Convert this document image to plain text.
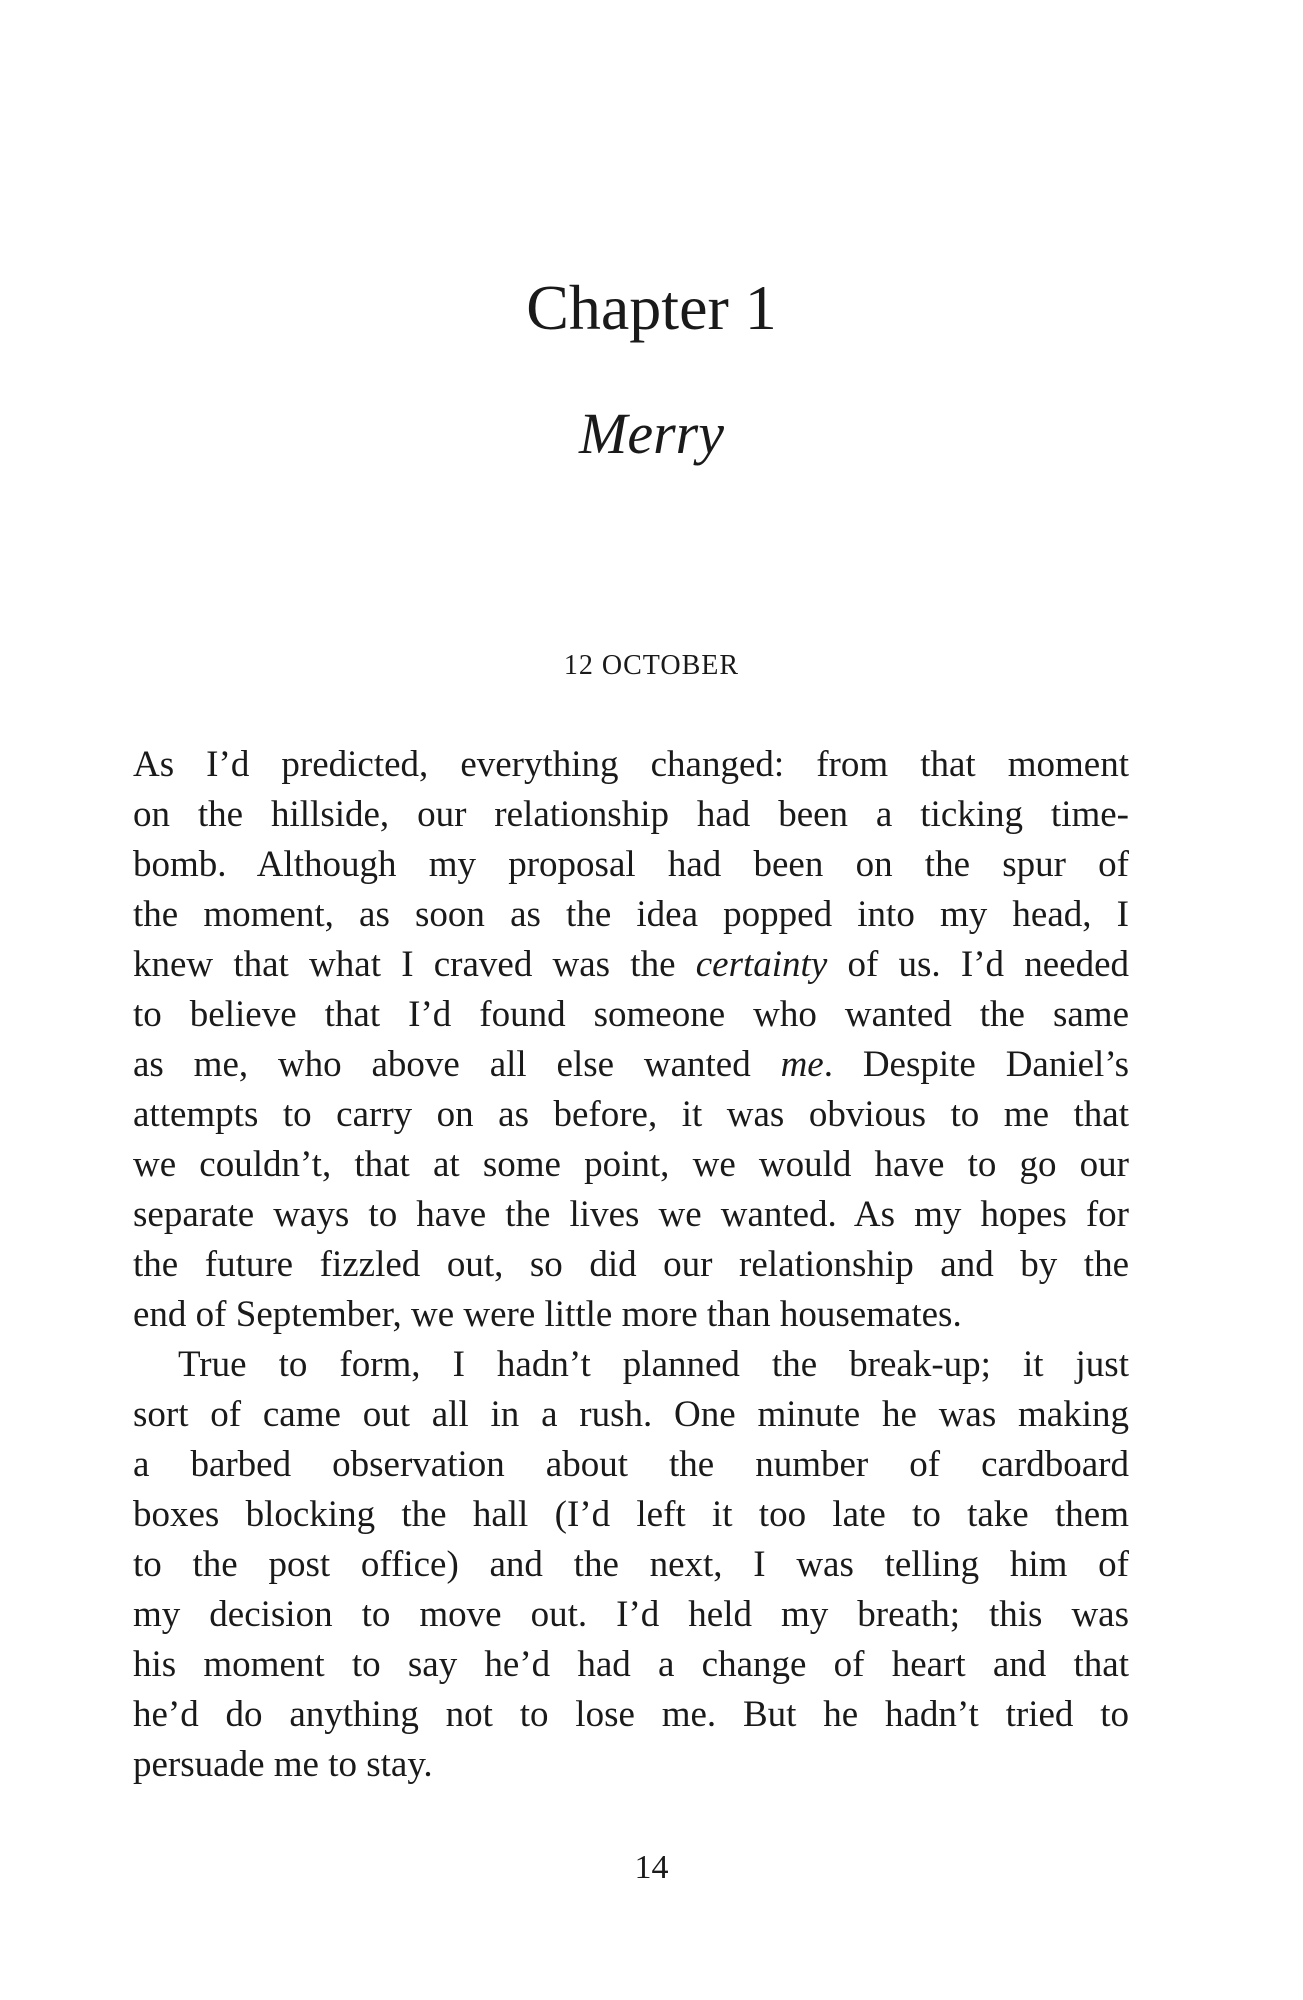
Chapter 1
Merry
12 OCTOBER
As I’d predicted, everything changed: from that moment
on the hillside, our relationship had been a ticking time-
bomb. Although my proposal had been on the spur of
the moment, as soon as the idea popped into my head, I
knew that what I craved was the certainty of us. I’d needed
to believe that I’d found someone who wanted the same
as me, who above all else wanted me. Despite Daniel’s
attempts to carry on as before, it was obvious to me that
we couldn’t, that at some point, we would have to go our
separate ways to have the lives we wanted. As my hopes for
the future fizzled out, so did our relationship and by the
end of September, we were little more than housemates.
True to form, I hadn’t planned the break-up; it just
sort of came out all in a rush. One minute he was making
a barbed observation about the number of cardboard
boxes blocking the hall (I’d left it too late to take them
to the post office) and the next, I was telling him of
my decision to move out. I’d held my breath; this was
his moment to say he’d had a change of heart and that
he’d do anything not to lose me. But he hadn’t tried to
persuade me to stay.
14
